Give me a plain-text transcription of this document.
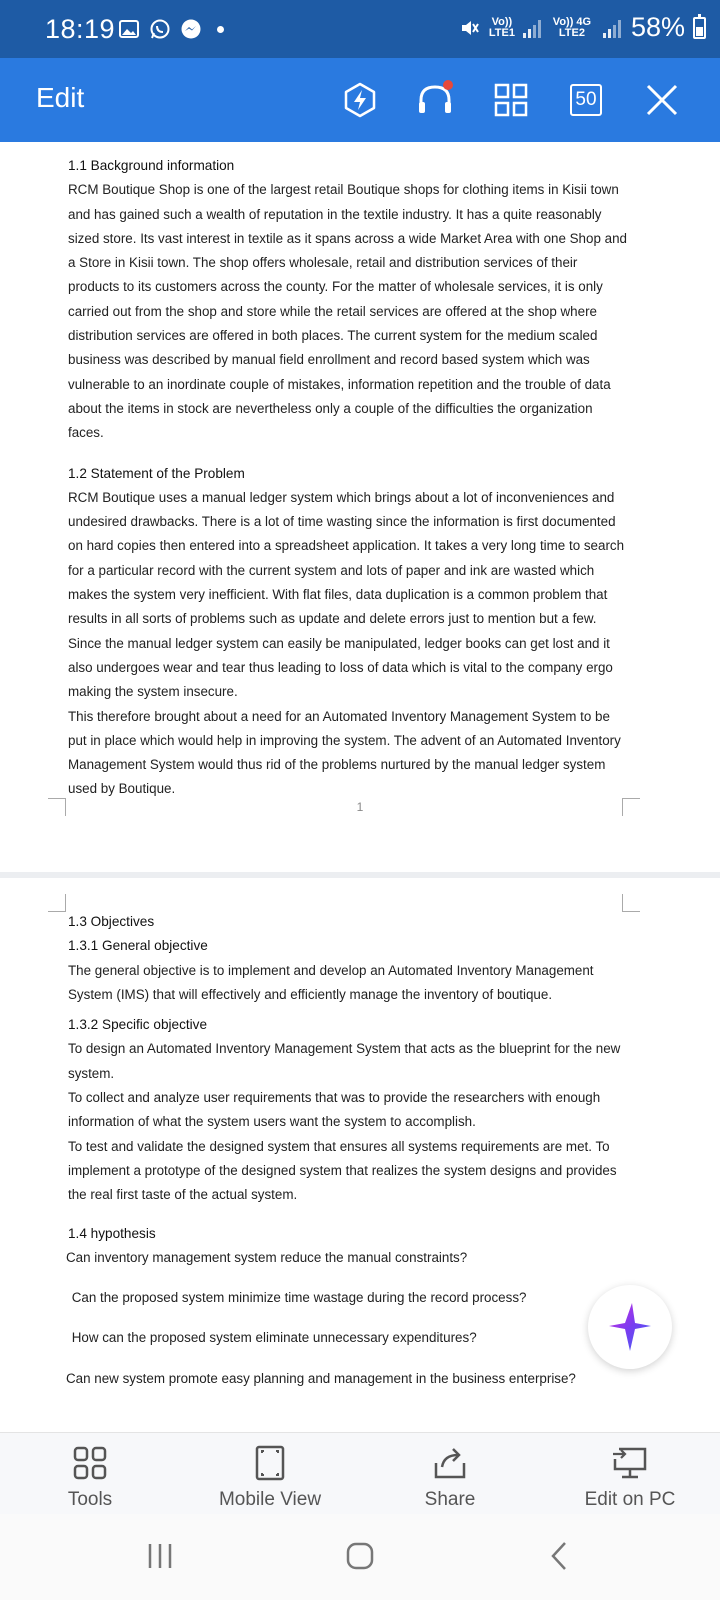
18:19	Vo)) LTE1
Vo)) 4G LTE2	58%
Edit	50
1.1 Background information

RCM Boutique Shop is one of the largest retail Boutique shops for clothing items in Kisii town and has gained such a wealth of reputation in the textile industry. It has a quite reasonably sized store. Its vast interest in textile as it spans across a wide Market Area with one Shop and a Store in Kisii town. The shop offers wholesale, retail and distribution services of their products to its customers across the county. For the matter of wholesale services, it is only carried out from the shop and store while the retail services are offered at the shop where distribution services are offered in both places. The current system for the medium scaled business was described by manual field enrollment and record based system which was vulnerable to an inordinate couple of mistakes, information repetition and the trouble of data about the items in stock are nevertheless only a couple of the difficulties the organization faces.

1.2 Statement of the Problem

RCM Boutique uses a manual ledger system which brings about a lot of inconveniences and undesired drawbacks. There is a lot of time wasting since the information is first documented on hard copies then entered into a spreadsheet application. It takes a very long time to search for a particular record with the current system and lots of paper and ink are wasted which makes the system very inefficient. With flat files, data duplication is a common problem that results in all sorts of problems such as update and delete errors just to mention but a few. Since the manual ledger system can easily be manipulated, ledger books can get lost and it also undergoes wear and tear thus leading to loss of data which is vital to the company ergo making the system insecure.

This therefore brought about a need for an Automated Inventory Management System to be put in place which would help in improving the system. The advent of an Automated Inventory Management System would thus rid of the problems nurtured by the manual ledger system used by Boutique.

1
1.3 Objectives
1.3.1 General objective

The general objective is to implement and develop an Automated Inventory Management System (IMS) that will effectively and efficiently manage the inventory of boutique.

1.3.2 Specific objective

To design an Automated Inventory Management System that acts as the blueprint for the new system.

To collect and analyze user requirements that was to provide the researchers with enough information of what the system users want the system to accomplish.

To test and validate the designed system that ensures all systems requirements are met. To implement a prototype of the designed system that realizes the system designs and provides the real first taste of the actual system.

1.4 hypothesis

Can inventory management system reduce the manual constraints?

Can the proposed system minimize time wastage during the record process?

How can the proposed system eliminate unnecessary expenditures?

Can new system promote easy planning and management in the business enterprise?

Tools	Mobile View	Share	Edit on PC
